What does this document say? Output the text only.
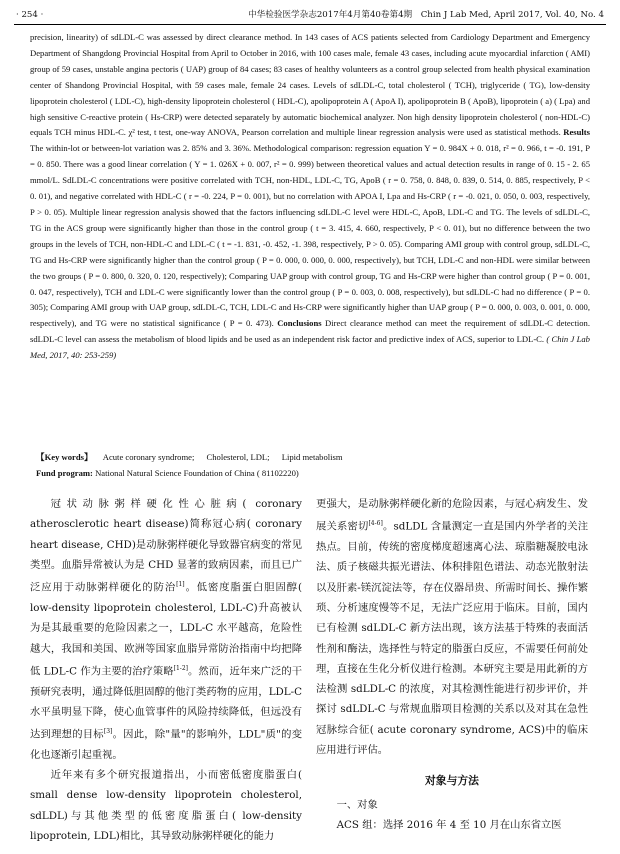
· 254 ·	中华检验医学杂志2017年4月第40卷第4期　Chin J Lab Med, April 2017, Vol. 40, No. 4

precision, linearity) of sdLDL-C was assessed by direct clearance method. In 143 cases of ACS patients selected from Cardiology Department and Emergency Department of Shangdong Provincial Hospital from April to October in 2016, with 100 cases male, female 43 cases, including acute myocardial infarction ( AMI) group of 59 cases, unstable angina pectoris ( UAP) group of 84 cases; 83 cases of healthy volunteers as a control group selected from health physical examination center of Shandong Provincial Hospital, with 59 cases male, female 24 cases. Levels of sdLDL-C, total cholesterol ( TCH), triglyceride ( TG), low-density lipoprotein cholesterol ( LDL-C), high-density lipoprotein cholesterol ( HDL-C), apolipoprotein A ( ApoA I), apolipoprotein B ( ApoB), lipoprotein ( a) ( Lpa) and high sensitive C-reactive protein ( Hs-CRP) were detected separately by automatic biochemical analyzer. Non high density lipoprotein cholesterol ( non-HDL-C) equals TCH minus HDL-C. χ² test, t test, one-way ANOVA, Pearson correlation and multiple linear regression analysis were used as statistical methods. Results The within-lot or between-lot variation was 2. 85% and 3. 36%. Methodological comparison: regression equation Y = 0. 984X + 0. 018, r² = 0. 966, t = -0. 191, P = 0. 850. There was a good linear correlation ( Y = 1. 026X + 0. 007, r² = 0. 999) between theoretical values and actual detection results in range of 0. 15 - 2. 65 mmol/L. SdLDL-C concentrations were positive correlated with TCH, non-HDL, LDL-C, TG, ApoB ( r = 0. 758, 0. 848, 0. 839, 0. 514, 0. 885, respectively, P < 0. 01), and negative correlated with HDL-C ( r = -0. 224, P = 0. 001), but no correlation with APOA I, Lpa and Hs-CRP ( r = -0. 021, 0. 050, 0. 003, respectively, P > 0. 05). Multiple linear regression analysis showed that the factors influencing sdLDL-C level were HDL-C, ApoB, LDL-C and TG. The levels of sdLDL-C, TG in the ACS group were significantly higher than those in the control group ( t = 3. 415, 4. 660, respectively, P < 0. 01), but no difference between the two groups in the levels of TCH, non-HDL-C and LDL-C ( t = -1. 831, -0. 452, -1. 398, respectively, P > 0. 05). Comparing AMI group with control group, sdLDL-C, TG and Hs-CRP were significantly higher than the control group ( P = 0. 000, 0. 000, 0. 000, respectively), but TCH, LDL-C and non-HDL were similar between the two groups ( P = 0. 800, 0. 320, 0. 120, respectively); Comparing UAP group with control group, TG and Hs-CRP were higher than control group ( P = 0. 001, 0. 047, respectively), TCH and LDL-C were significantly lower than the control group ( P = 0. 003, 0. 008, respectively), but sdLDL-C had no difference ( P = 0. 305); Comparing AMI group with UAP group, sdLDL-C, TCH, LDL-C and Hs-CRP were significantly higher than UAP group ( P = 0. 000, 0. 003, 0. 001, 0. 000, respectively), and TG were no statistical significance ( P = 0. 473). Conclusions Direct clearance method can meet the requirement of sdLDL-C detection. sdLDL-C level can assess the metabolism of blood lipids and be used as an independent risk factor and predictive index of ACS, superior to LDL-C. ( Chin J Lab Med, 2017, 40: 253-259)

【Key words】 Acute coronary syndrome; Cholesterol, LDL; Lipid metabolism
Fund program: National Natural Science Foundation of China ( 81102220)

冠状动脉粥样硬化性心脏病( coronary atherosclerotic heart disease)简称冠心病( coronary heart disease, CHD)是动脉粥样硬化导致器官病变的常见类型。血脂异常被认为是 CHD 显著的致病因素，而且已广泛应用于动脉粥样硬化的防治[1]。低密度脂蛋白胆固醇( low-density lipoprotein cholesterol, LDL-C)升高被认为是其最重要的危险因素之一，LDL-C 水平越高，危险性越大，我国和美国、欧洲等国家血脂异常防治指南中均把降低 LDL-C 作为主要的治疗策略[1-2]。然而，近年来广泛的干预研究表明，通过降低胆固醇的他汀类药物的应用，LDL-C 水平虽明显下降，使心血管事件的风险持续降低，但远没有达到理想的目标[3]。因此，除"量"的影响外，LDL"质"的变化也逐渐引起重视。

近年来有多个研究报道指出，小而密低密度脂蛋白( small dense low-density lipoprotein cholesterol, sdLDL)与其他类型的低密度脂蛋白( low-density lipoprotein, LDL)相比，其导致动脉粥样硬化的能力

更强大，是动脉粥样硬化新的危险因素，与冠心病发生、发展关系密切[4-6]。sdLDL 含量测定一直是国内外学者的关注热点。目前，传统的密度梯度超速离心法、琼脂糖凝胶电泳法、质子核磁共振光谱法、体积排阻色谱法、动态光散射法以及肝素-镁沉淀法等，存在仪器昂贵、所需时间长、操作繁琐、分析速度慢等不足，无法广泛应用于临床。目前，国内已有检测 sdLDL-C 新方法出现，该方法基于特殊的表面活性剂和酶法，选择性与特定的脂蛋白反应，不需要任何前处理，直接在生化分析仪进行检测。本研究主要是用此新的方法检测 sdLDL-C 的浓度，对其检测性能进行初步评价，并探讨 sdLDL-C 与常规血脂项目检测的关系以及对其在急性冠脉综合征( acute coronary syndrome, ACS)中的临床应用进行评估。

对象与方法

一、对象

ACS 组：选择 2016 年 4 至 10 月在山东省立医
